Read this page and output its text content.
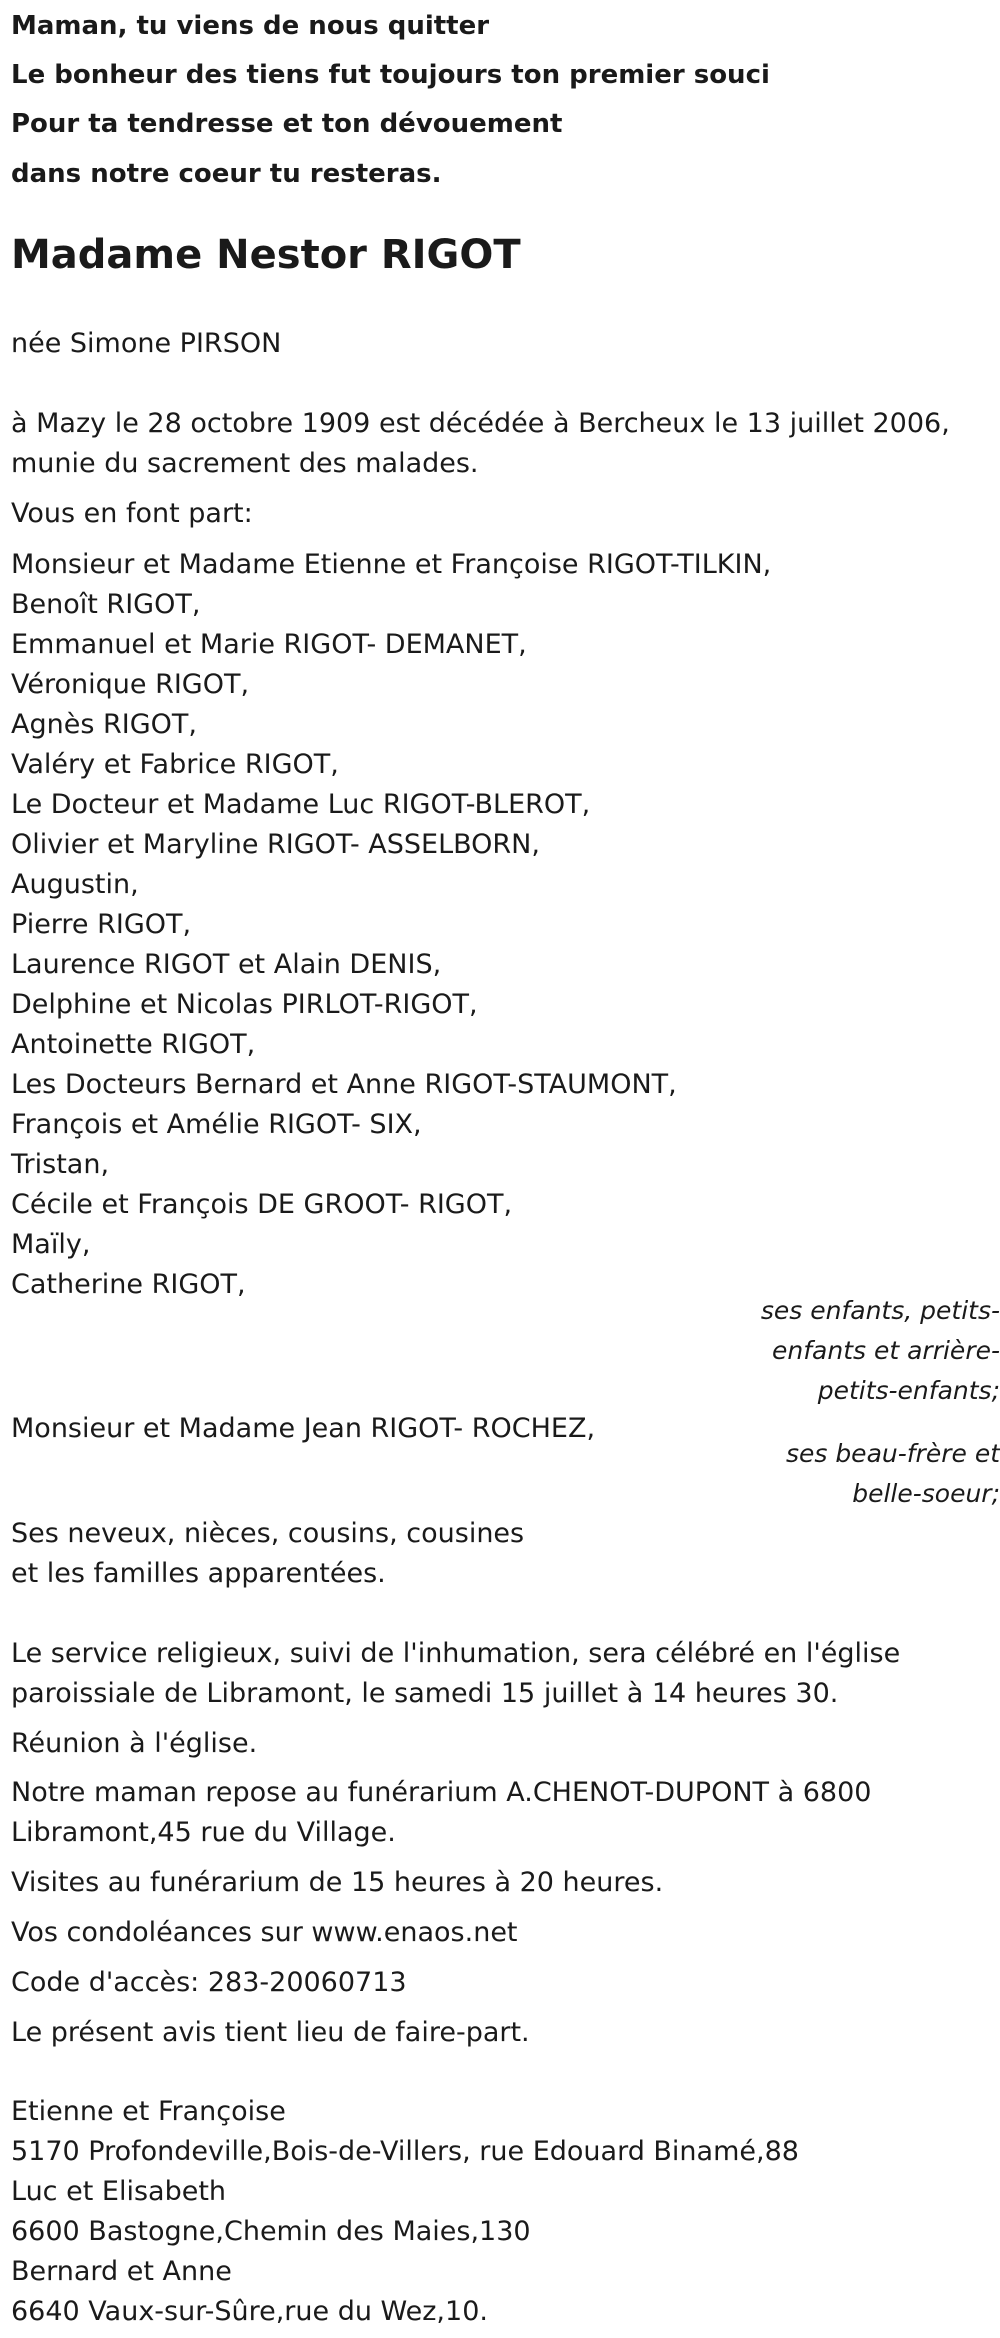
Maman, tu viens de nous quitter
Le bonheur des tiens fut toujours ton premier souci
Pour ta tendresse et ton dévouement
dans notre coeur tu resteras.
Madame Nestor RIGOT
née Simone PIRSON
à Mazy le 28 octobre 1909 est décédée à Bercheux le 13 juillet 2006,
munie du sacrement des malades.
Vous en font part:
Monsieur et Madame Etienne et Françoise RIGOT-TILKIN,
Benoît RIGOT,
Emmanuel et Marie RIGOT- DEMANET,
Véronique RIGOT,
Agnès RIGOT,
Valéry et Fabrice RIGOT,
Le Docteur et Madame Luc RIGOT-BLEROT,
Olivier et Maryline RIGOT- ASSELBORN,
Augustin,
Pierre RIGOT,
Laurence RIGOT et Alain DENIS,
Delphine et Nicolas PIRLOT-RIGOT,
Antoinette RIGOT,
Les Docteurs Bernard et Anne RIGOT-STAUMONT,
François et Amélie RIGOT- SIX,
Tristan,
Cécile et François DE GROOT- RIGOT,
Maïly,
Catherine RIGOT,
ses enfants, petits-
enfants et arrière-
petits-enfants;
Monsieur et Madame Jean RIGOT- ROCHEZ,
ses beau-frère et
belle-soeur;
Ses neveux, nièces, cousins, cousines
et les familles apparentées.
Le service religieux, suivi de l'inhumation, sera célébré en l'église
paroissiale de Libramont, le samedi 15 juillet à 14 heures 30.
Réunion à l'église.
Notre maman repose au funérarium A.CHENOT-DUPONT à 6800
Libramont,45 rue du Village.
Visites au funérarium de 15 heures à 20 heures.
Vos condoléances sur www.enaos.net
Code d'accès: 283-20060713
Le présent avis tient lieu de faire-part.
Etienne et Françoise
5170 Profondeville,Bois-de-Villers, rue Edouard Binamé,88
Luc et Elisabeth
6600 Bastogne,Chemin des Maies,130
Bernard et Anne
6640 Vaux-sur-Sûre,rue du Wez,10.
